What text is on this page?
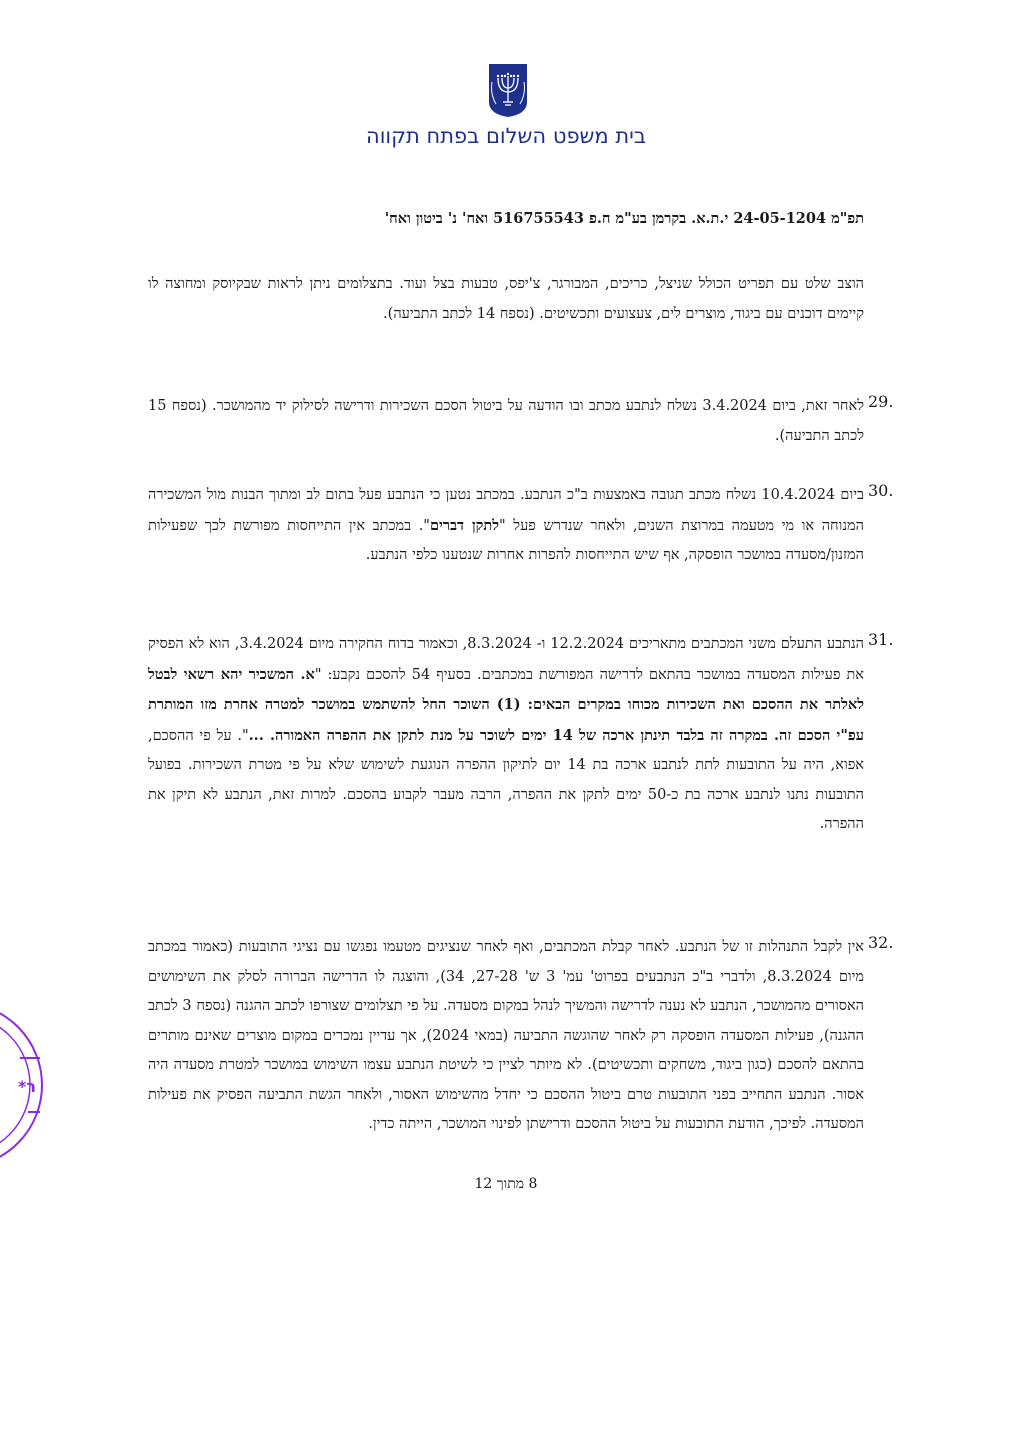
בית משפט השלום בפתח תקווה
תפ"מ 24-05-1204 י.ת.א. בקרמן בע"מ ח.פ 516755543 ואח' נ' ביטון ואח'
הוצב שלט עם תפריט הכולל שניצל, כריכים, המבורגר, צ'יפס, טבעות בצל ועוד. בתצלומים ניתן לראות שבקיוסק ומחוצה לו קיימים דוכנים עם ביגוד, מוצרים לים, צעצועים ותכשיטים. (נספח 14 לכתב התביעה).
29.
לאחר זאת, ביום 3.4.2024 נשלח לנתבע מכתב ובו הודעה על ביטול הסכם השכירות ודרישה לסילוק יד מהמושכר. (נספח 15 לכתב התביעה).
30.
ביום 10.4.2024 נשלח מכתב תגובה באמצעות ב"כ הנתבע. במכתב נטען כי הנתבע פעל בתום לב ומתוך הבנות מול המשכירה המנוחה או מי מטעמה במרוצת השנים, ולאחר שנדרש פעל "לתקן דברים". במכתב אין התייחסות מפורשת לכך שפעילות המזנון/מסעדה במושכר הופסקה, אף שיש התייחסות להפרות אחרות שנטענו כלפי הנתבע.
31.
הנתבע התעלם משני המכתבים מתאריכים 12.2.2024 ו- 8.3.2024, וכאמור בדוח החקירה מיום 3.4.2024, הוא לא הפסיק את פעילות המסעדה במושכר בהתאם לדרישה המפורשת במכתבים. בסעיף 54 להסכם נקבע: "א. המשכיר יהא רשאי לבטל לאלתר את ההסכם ואת השכירות מכוחו במקרים הבאים: (1) השוכר החל להשתמש במושכר למטרה אחרת מזו המותרת עפ"י הסכם זה. במקרה זה בלבד תינתן ארכה של 14 ימים לשוכר על מנת לתקן את ההפרה האמורה. ...". על פי ההסכם, אפוא, היה על התובעות לתת לנתבע ארכה בת 14 יום לתיקון ההפרה הנוגעת לשימוש שלא על פי מטרת השכירות. בפועל התובעות נתנו לנתבע ארכה בת כ-50 ימים לתקן את ההפרה, הרבה מעבר לקבוע בהסכם. למרות זאת, הנתבע לא תיקן את ההפרה.
32.
אין לקבל התנהלות זו של הנתבע. לאחר קבלת המכתבים, ואף לאחר שנציגים מטעמו נפגשו עם נציגי התובעות (כאמור במכתב מיום 8.3.2024, ולדברי ב"כ הנתבעים בפרוט' עמ' 3 ש' 27-28, 34), והוצגה לו הדרישה הברורה לסלק את השימושים האסורים מהמושכר, הנתבע לא נענה לדרישה והמשיך לנהל במקום מסעדה. על פי תצלומים שצורפו לכתב ההגנה (נספח 3 לכתב ההגנה), פעילות המסעדה הופסקה רק לאחר שהוגשה התביעה (במאי 2024), אך עדיין נמכרים במקום מוצרים שאינם מותרים בהתאם להסכם (כגון ביגוד, משחקים ותכשיטים). לא מיותר לציין כי לשיטת הנתבע עצמו השימוש במושכר למטרת מסעדה היה אסור. הנתבע התחייב בפני התובעות טרם ביטול ההסכם כי יחדל מהשימוש האסור, ולאחר הגשת התביעה הפסיק את פעילות המסעדה. לפיכך, הודעת התובעות על ביטול ההסכם ודרישתן לפינוי המושכר, הייתה כדין.
*ר
8 מתוך 12
